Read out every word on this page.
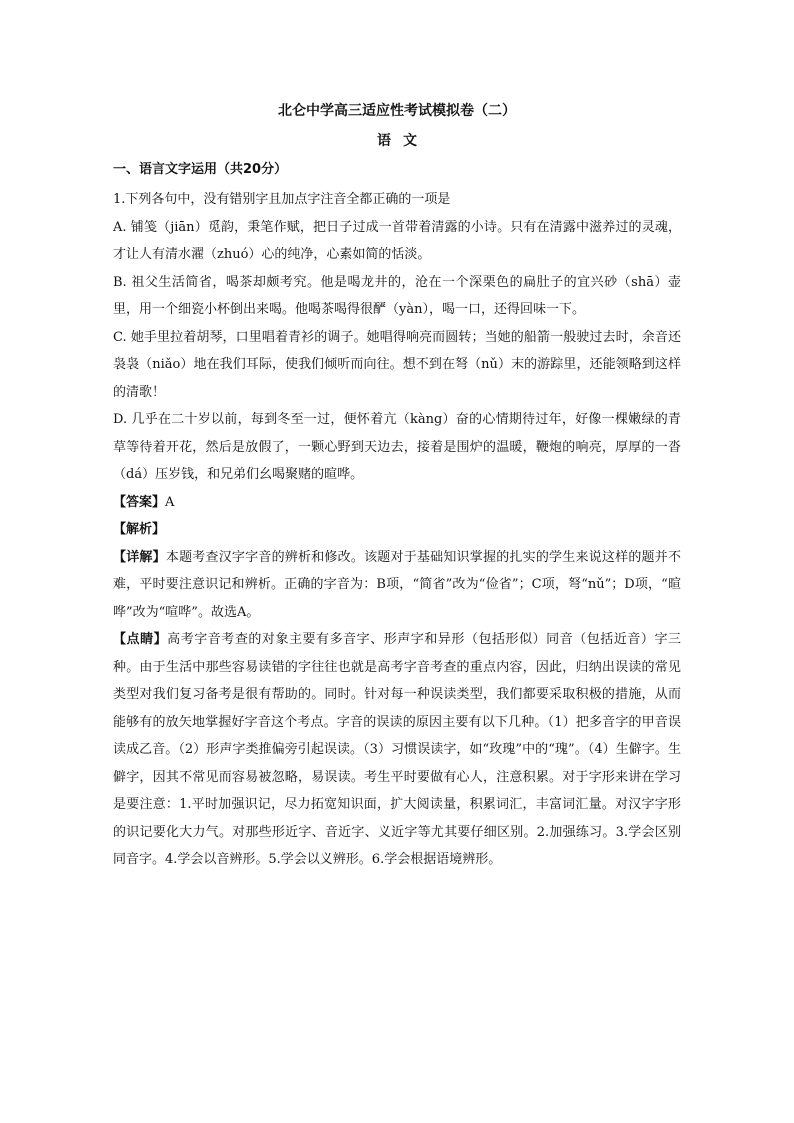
北仑中学高三适应性考试模拟卷（二）
语文
一、语言文字运用（共20分）

1.下列各句中，没有错别字且加点字注音全都正确的一项是

A. 铺笺（jiān）觅韵，秉笔作赋，把日子过成一首带着清露的小诗。只有在清露中滋养过的灵魂，才让人有清水濯（zhuó）心的纯净，心素如简的恬淡。

B. 祖父生活简省，喝茶却颇考究。他是喝龙井的，沧在一个深栗色的扁肚子的宜兴砂（shā）壶里，用一个细瓷小杯倒出来喝。他喝茶喝得很酽（yàn），喝一口，还得回味一下。

C. 她手里拉着胡琴，口里唱着青衫的调子。她唱得响亮而圆转；当她的船箭一般驶过去时，余音还袅袅（niǎo）地在我们耳际，使我们倾听而向往。想不到在弩（nǔ）末的游踪里，还能领略到这样的清歌！

D. 几乎在二十岁以前，每到冬至一过，便怀着亢（kàng）奋的心情期待过年，好像一棵嫩绿的青草等待着开花，然后是放假了，一颗心野到天边去，接着是围炉的温暖，鞭炮的响亮，厚厚的一沓（dá）压岁钱，和兄弟们幺喝聚赌的暄哗。

【答案】A

【解析】

【详解】本题考查汉字字音的辨析和修改。该题对于基础知识掌握的扎实的学生来说这样的题并不难，平时要注意识记和辨析。正确的字音为：B项，“简省”改为“俭省”；C项，弩“nǔ”；D项，“暄哗”改为“喧哗”。故选A。

【点睛】高考字音考查的对象主要有多音字、形声字和异形（包括形似）同音（包括近音）字三种。由于生活中那些容易读错的字往往也就是高考字音考查的重点内容，因此，归纳出误读的常见类型对我们复习备考是很有帮助的。同时。针对每一种误读类型，我们都要采取积极的措施，从而能够有的放矢地掌握好字音这个考点。字音的误读的原因主要有以下几种。（1）把多音字的甲音误读成乙音。（2）形声字类推偏旁引起误读。（3）习惯误读字，如“玫瑰”中的“瑰”。（4）生僻字。生僻字，因其不常见而容易被忽略，易误读。考生平时要做有心人，注意积累。对于字形来讲在学习是要注意：1.平时加强识记，尽力拓宽知识面，扩大阅读量，积累词汇，丰富词汇量。对汉字字形的识记要化大力气。对那些形近字、音近字、义近字等尤其要仔细区别。2.加强练习。3.学会区别同音字。4.学会以音辨形。5.学会以义辨形。6.学会根据语境辨形。
